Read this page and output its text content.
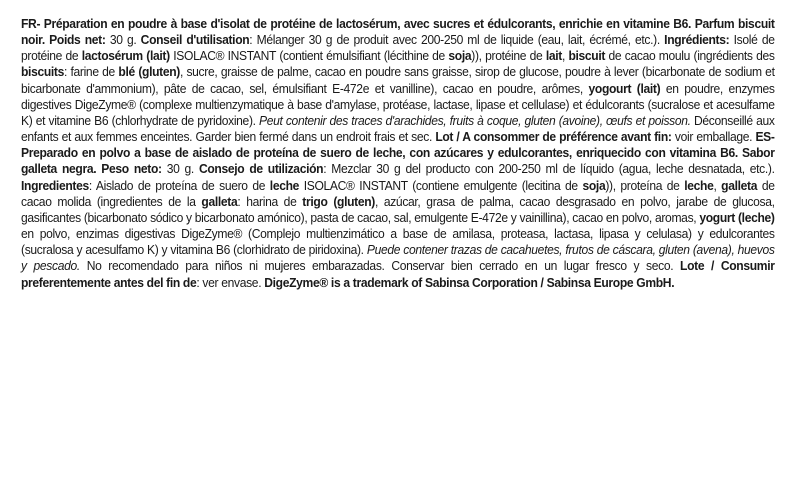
FR- Préparation en poudre à base d'isolat de protéine de lactosérum, avec sucres et édulcorants, enrichie en vitamine B6. Parfum biscuit noir. Poids net: 30 g. Conseil d'utilisation: Mélanger 30 g de produit avec 200-250 ml de liquide (eau, lait, écrémé, etc.). Ingrédients: Isolé de protéine de lactosérum (lait) ISOLAC® INSTANT (contient émulsifiant (lécithine de soja)), protéine de lait, biscuit de cacao moulu (ingrédients des biscuits: farine de blé (gluten), sucre, graisse de palme, cacao en poudre sans graisse, sirop de glucose, poudre à lever (bicarbonate de sodium et bicarbonate d'ammonium), pâte de cacao, sel, émulsifiant E-472e et vanilline), cacao en poudre, arômes, yogourt (lait) en poudre, enzymes digestives DigeZyme® (complexe multienzymatique à base d'amylase, protéase, lactase, lipase et cellulase) et édulcorants (sucralose et acesulfame K) et vitamine B6 (chlorhydrate de pyridoxine). Peut contenir des traces d'arachides, fruits à coque, gluten (avoine), œufs et poisson. Déconseillé aux enfants et aux femmes enceintes. Garder bien fermé dans un endroit frais et sec. Lot / A consommer de préférence avant fin: voir emballage. ES- Preparado en polvo a base de aislado de proteína de suero de leche, con azúcares y edulcorantes, enriquecido con vitamina B6. Sabor galleta negra. Peso neto: 30 g. Consejo de utilización: Mezclar 30 g del producto con 200-250 ml de líquido (agua, leche desnatada, etc.). Ingredientes: Aislado de proteína de suero de leche ISOLAC® INSTANT (contiene emulgente (lecitina de soja)), proteína de leche, galleta de cacao molida (ingredientes de la galleta: harina de trigo (gluten), azúcar, grasa de palma, cacao desgrasado en polvo, jarabe de glucosa, gasificantes (bicarbonato sódico y bicarbonato amónico), pasta de cacao, sal, emulgente E-472e y vainillina), cacao en polvo, aromas, yogurt (leche) en polvo, enzimas digestivas DigeZyme® (Complejo multienzimático a base de amilasa, proteasa, lactasa, lipasa y celulasa) y edulcorantes (sucralosa y acesulfamo K) y vitamina B6 (clorhidrato de piridoxina). Puede contener trazas de cacahuetes, frutos de cáscara, gluten (avena), huevos y pescado. No recomendado para niños ni mujeres embarazadas. Conservar bien cerrado en un lugar fresco y seco. Lote / Consumir preferentemente antes del fin de: ver envase. DigeZyme® is a trademark of Sabinsa Corporation / Sabinsa Europe GmbH.
